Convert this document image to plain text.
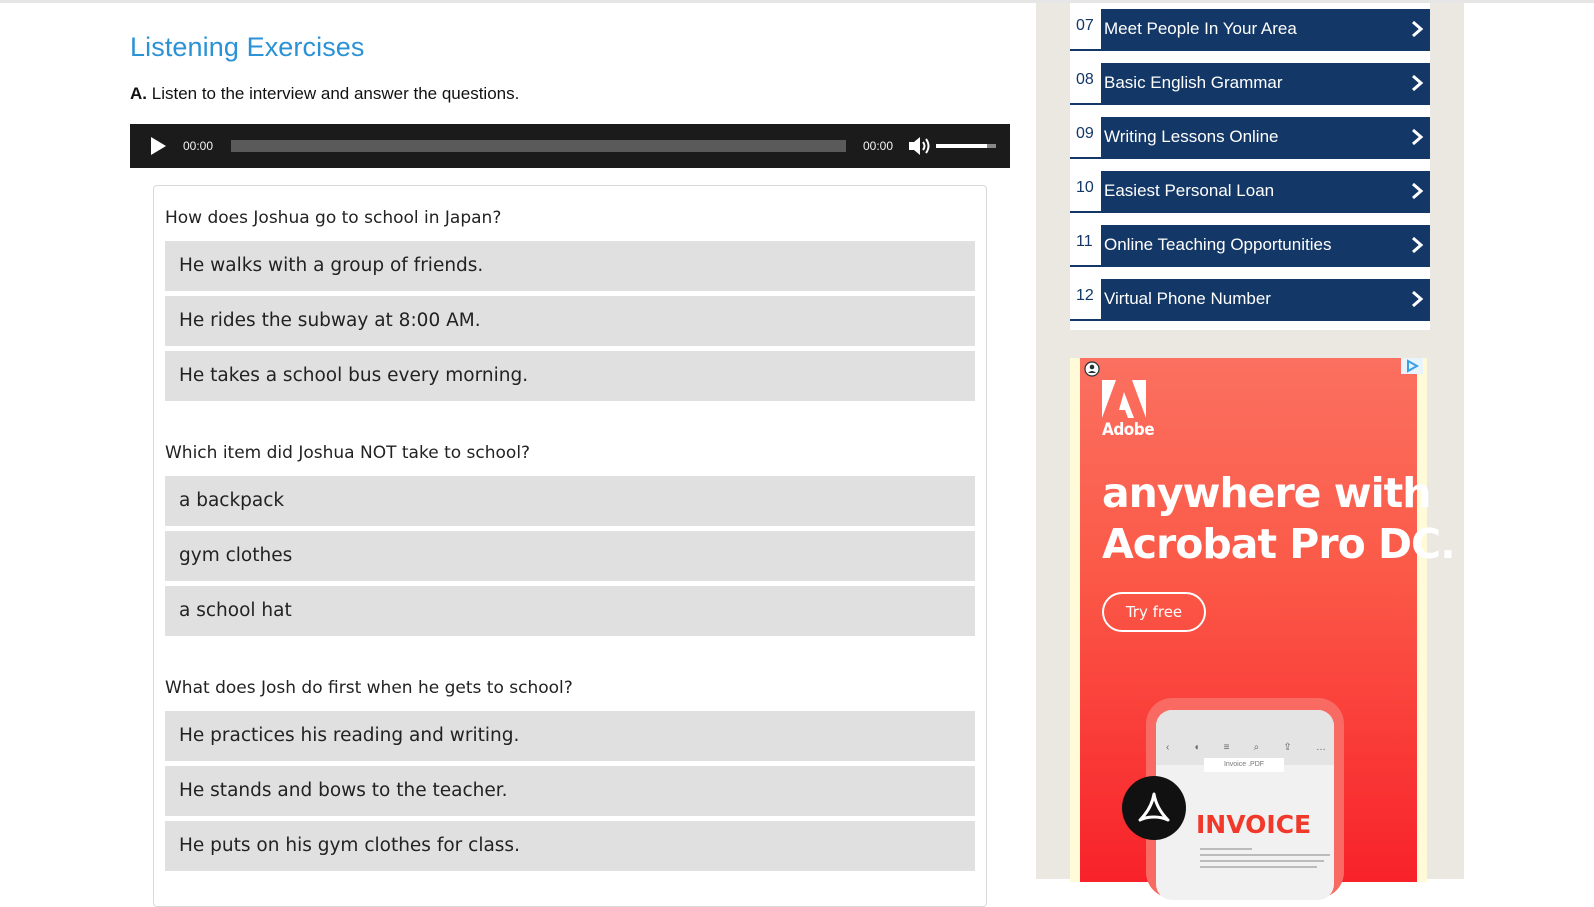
Listening Exercises
A. Listen to the interview and answer the questions.
00:00	00:00
How does Joshua go to school in Japan?
He walks with a group of friends.
He rides the subway at 8:00 AM.
He takes a school bus every morning.
Which item did Joshua NOT take to school?
a backpack
gym clothes
a school hat
What does Josh do first when he gets to school?
He practices his reading and writing.
He stands and bows to the teacher.
He puts on his gym clothes for class.
07 Meet People In Your Area
08 Basic English Grammar
09 Writing Lessons Online
10 Easiest Personal Loan
11 Online Teaching Opportunities
12 Virtual Phone Number
Adobe
anywhere with
Acrobat Pro DC.
Try free
‹ ◖ ≡ ⌕ ⇪ …
Invoice .PDF
INVOICE
